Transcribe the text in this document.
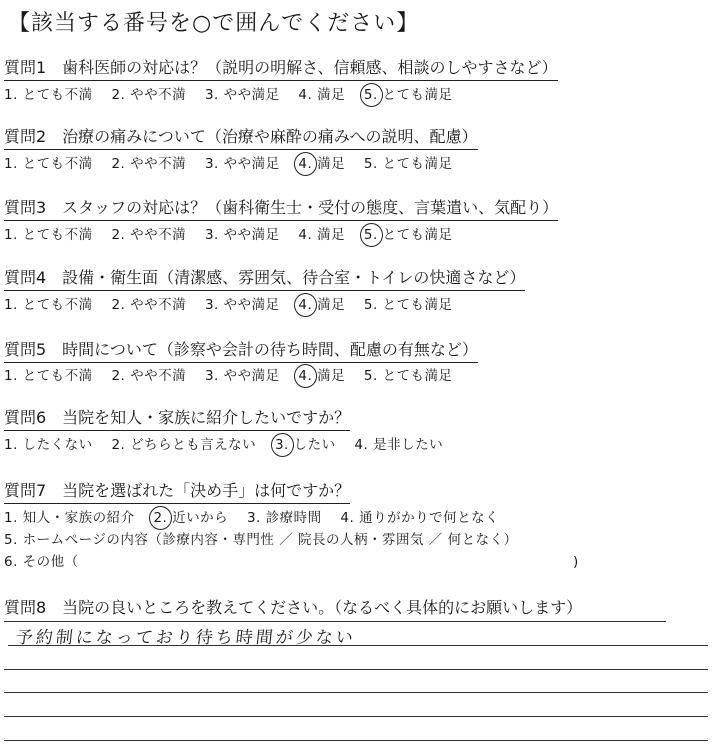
【該当する番号を○で囲んでください】
質問1　歯科医師の対応は？（説明の明解さ、信頼感、相談のしやすさなど）
1. とても不満 2. やや不満 3. やや満足 4. 満足 5. とても満足
質問2　治療の痛みについて（治療や麻酔の痛みへの説明、配慮）
1. とても不満 2. やや不満 3. やや満足 4. 満足 5. とても満足
質問3　スタッフの対応は？（歯科衛生士・受付の態度、言葉遣い、気配り）
1. とても不満 2. やや不満 3. やや満足 4. 満足 5. とても満足
質問4　設備・衛生面（清潔感、雰囲気、待合室・トイレの快適さなど）
1. とても不満 2. やや不満 3. やや満足 4. 満足 5. とても満足
質問5　時間について（診察や会計の待ち時間、配慮の有無など）
1. とても不満 2. やや不満 3. やや満足 4. 満足 5. とても満足
質問6　当院を知人・家族に紹介したいですか？
1. したくない 2. どちらとも言えない 3. したい 4. 是非したい
質問7　当院を選ばれた「決め手」は何ですか？
1. 知人・家族の紹介 2. 近いから 3. 診療時間 4. 通りがかりで何となく
5. ホームページの内容（診療内容・専門性 ／ 院長の人柄・雰囲気 ／ 何となく）
6. その他（	)
質問8　当院の良いところを教えてください。（なるべく具体的にお願いします）
予約制になっており待ち時間が少ない
